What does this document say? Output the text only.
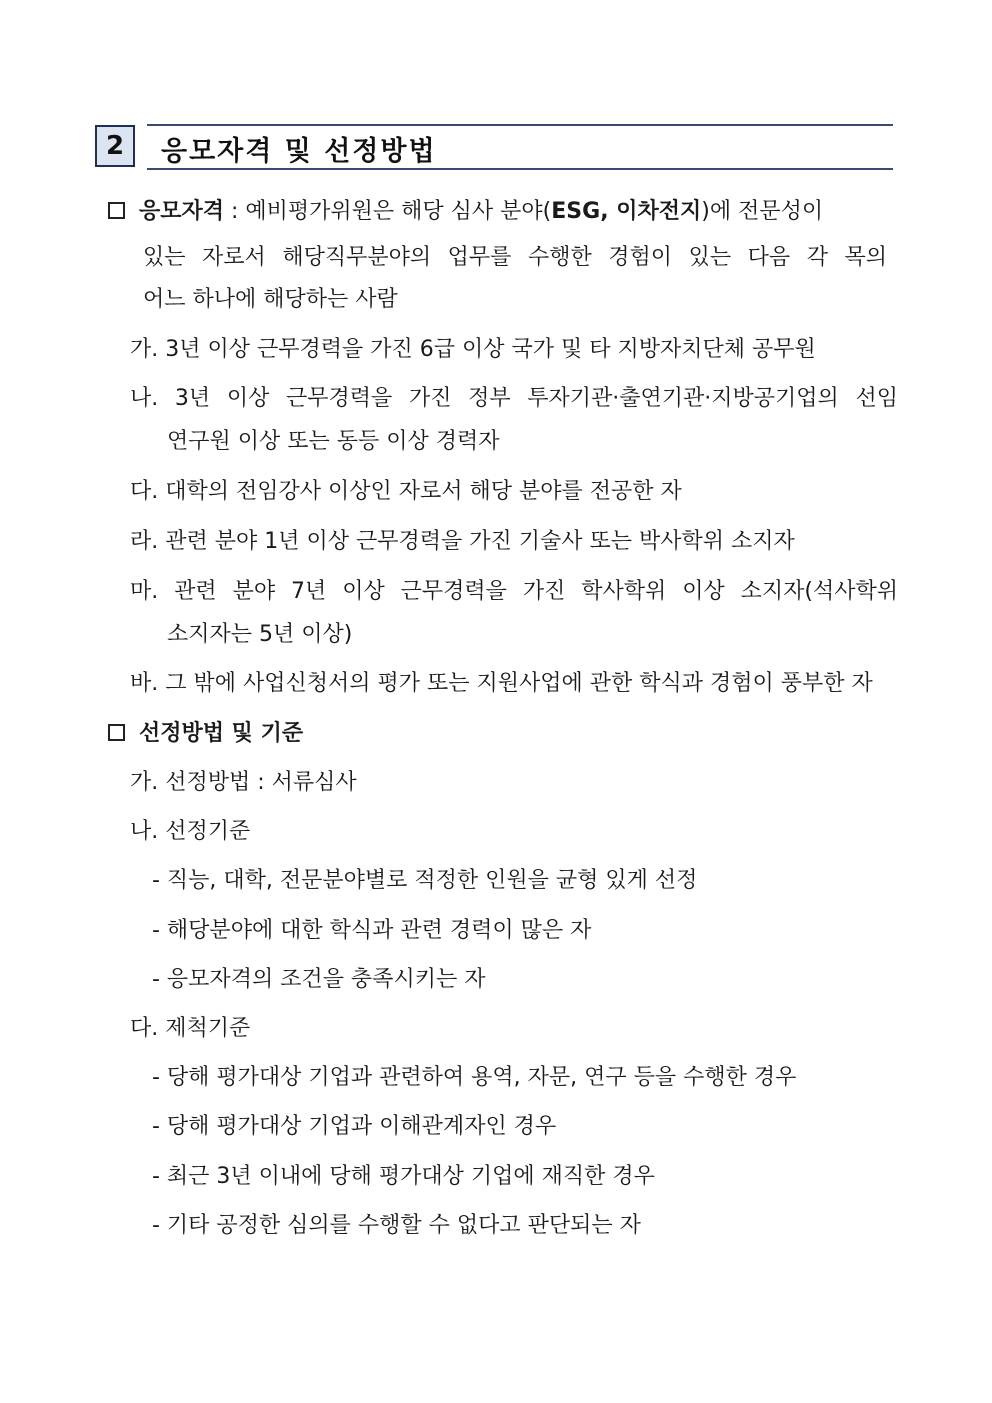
2	응모자격 및 선정방법
응모자격 : 예비평가위원은 해당 심사 분야(ESG, 이차전지)에 전문성이
있는 자로서 해당직무분야의 업무를 수행한 경험이 있는 다음 각 목의
어느 하나에 해당하는 사람
가. 3년 이상 근무경력을 가진 6급 이상 국가 및 타 지방자치단체 공무원
나. 3년 이상 근무경력을 가진 정부 투자기관·출연기관·지방공기업의 선임
연구원 이상 또는 동등 이상 경력자
다. 대학의 전임강사 이상인 자로서 해당 분야를 전공한 자
라. 관련 분야 1년 이상 근무경력을 가진 기술사 또는 박사학위 소지자
마. 관련 분야 7년 이상 근무경력을 가진 학사학위 이상 소지자(석사학위
소지자는 5년 이상)
바. 그 밖에 사업신청서의 평가 또는 지원사업에 관한 학식과 경험이 풍부한 자
선정방법 및 기준
가. 선정방법 : 서류심사
나. 선정기준
- 직능, 대학, 전문분야별로 적정한 인원을 균형 있게 선정
- 해당분야에 대한 학식과 관련 경력이 많은 자
- 응모자격의 조건을 충족시키는 자
다. 제척기준
- 당해 평가대상 기업과 관련하여 용역, 자문, 연구 등을 수행한 경우
- 당해 평가대상 기업과 이해관계자인 경우
- 최근 3년 이내에 당해 평가대상 기업에 재직한 경우
- 기타 공정한 심의를 수행할 수 없다고 판단되는 자
